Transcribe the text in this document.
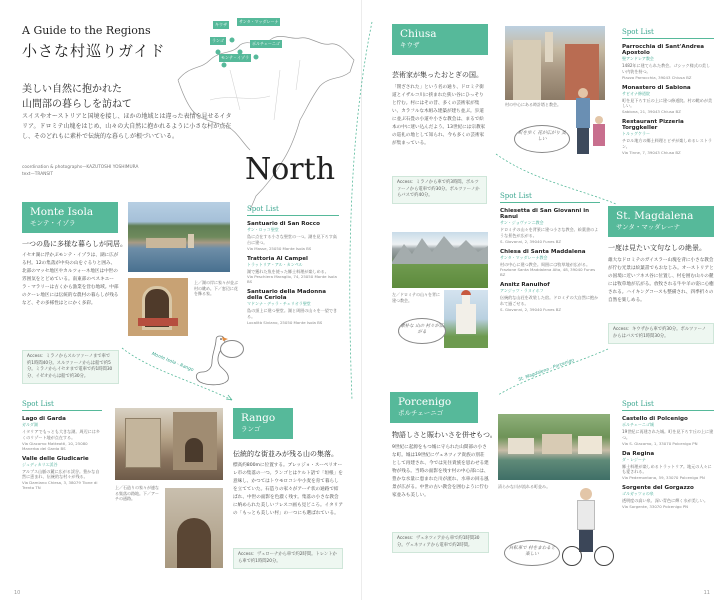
A Guide to the Regions
小さな村巡りガイド
美しい自然に抱かれた
山間部の暮らしを訪ねて
スイスやオーストリアと国境を接し、ほかの地域とは違った表情を見せるイタリア。ドロミテ山塊をはじめ、山々の大自然に抱かれるように小さな村が点在し、そのどれもに素朴で伝統的な暮らしが根づいている。
coordination & photographs—KAZUTOSHI YOSHIMURA
text—TRANSIT
キウザ
サンタ・マッダレーナ
ランゴ
ポルチェーニゴ
モンテ・イゾラ
North
Monte Isola
モンテ・イゾラ
一つの島に多様な暮らしが同居。
イセオ湖に浮かぶモンテ・イゾラは、湖に広がる村。12の集落が中央の山をぐるりと囲み、北部のマッセ地区やカルツォーネ地区は中世の雰囲気をとどめている。南東部のペスキエーラ・マラリーは古くから漁業を営む地域。中部のクーレ地区には伝統的な農村の暮らしが残るなど、その多様性はとにかく多彩。
Access：ミラノからスルツァーノまで車で約1時間40分。スルツァーノからは船で約5分。ミラノからイセオまで電車で約1時間30分、イゼオからは船で約30分。
上／湖の岸に家々が並ぶ村の眺め。下／窓辺に花を飾る家。
Monte Isola - Rango
Spot List
Santuario di San Rocco
サン・ロッコ聖堂
島に点在する小さな聖堂の一つ。湖を見下ろす高台に建つ。
Via Masse, 25050 Monte Isola BS
Trattoria Al Campel
トラットリア・アル・カンペル
湖で獲れた魚を使った郷土料理が楽しめる。
Via Peschiera Maraglio, 74, 25050 Monte Isola BS
Santuario della Madonna della Ceriola
マドンナ・デッラ・チェリオラ聖堂
島の頂上に建つ聖堂。湖と周囲の山々を一望できる。
Località Siviano, 25050 Monte Isola BS
Spot List
Lago di Garda
ガルダ湖
イタリアでもっとも大きな湖。周辺には多くのリゾート地が点在する。
Via Giacomo Matteotti, 10, 25080 Manerba del Garda BS
Valle delle Giudicarie
ジュディカリエ渓谷
アルプス山脈の麓に広がる渓谷。豊かな自然に恵まれ、伝統的な村々が残る。
Via Damiano Chiesa, 3, 38079 Tione di Trento TN	上／石造りの家々が連なる集落の路地。下／アーチの通路。
Rango
ランゴ
伝統的な街並みが残る山の集落。
標高約800mに位置する。ブレッジョ・スーペリオーレ市の集落の一つ。ランゴとはケルト語で「垣根」を意味し、かつてはトウモロコシや小麦を育て暮らしを立てていた。石造りの家々がアーチ状の通路で結ばれ、中世の面影を色濃く残す。集落の小さな教会に納められた美しいフレスコ画も見どころ。イタリアの「もっとも美しい村」の一つにも選ばれている。
Access：ヴェローナから車で約2時間。トレントから車で約1時間20分。
10
Chiusa
キウザ
芸術家が集ったおとぎの国。
「閉ざされた」という名の通り、ドロミテ街道とイザルコ川に挟まれた狭い谷にひっそりと佇む。村にはその昔、多くの芸術家が集い、カラフルな木組み建築が建ち並ぶ。歩道に並ぶ石畳の小道や小さな教会は、まるで絵本の中に迷い込んだよう。13世紀には宗教家の巡礼の地として知られ、今も多くの芸術家が集まっている。
Access：ミラノから車で約3時間。ボルツァーノから電車で約30分。ボルツァーノからバスで約40分。
村の中心にある時計塔と教会。
町を歩く 花が広がり 美しい
Spot List
Parrocchia di Sant'Andrea Apostolo
聖アンドレア教会
1482年に建てられた教会。ゴシック様式の美しい内装を持つ。
Piazza Parrocchia, 39043 Chiusa BZ
Monastero di Sabiona
サビオナ修道院
町を見下ろす丘の上に建つ修道院。村の眺めが美しい。
Sabiona, 21, 39043 Chiusa BZ
Restaurant Pizzeria Torggkeller
トルッグケラー
チロル地方の郷土料理とピザが楽しめるレストラン。
Via Tinne, 7, 39043 Chiusa BZ
Spot List
Chiesetta di San Giovanni in Ranui
サン・ジョヴァンニ教会
ドロミテの山々を背景に建つ小さな教会。絵葉書のような景色が広がる。
S. Giovanni, 2, 39040 Funes BZ
Chiesa di Santa Maddalena
サンタ・マッダレーナ教会
村の中心に建つ教会。周囲には牧草地が広がる。
Frazione Santa Maddalena Alta, 48, 39040 Funes BZ
Ansitz Ranuihof
アンジッツ・ラヌイホフ
伝統的な山荘を改装した宿。ドロミテの大自然に抱かれて過ごせる。
S. Giovanni, 2, 39040 Funes BZ
左／ドロミテの山々を背に建つ教会。
素朴な 山の 村々が広がる
St. Magdalena
サンタ・マッダレーナ
一度は見たい文句なしの絶景。
雄大なドロミテのガイスラー山塊を背に小さな教会が佇む光景は絵葉書でもおなじみ。オーストリアとの国境に近いフネス谷に位置し、村を囲む山々の麓には牧草地が広がる。放牧される牛や羊の姿に心癒される。ハイキングコースも整備され、四季折々の自然を楽しめる。
Access：キウザから車で約30分。ボルツァーノからはバスで約1時間30分。
St. Magdalena - Porcenigo
Porcenigo
ポルチェーニゴ
物語しさと賑わいさを併せもつ。
9世紀に起源をもつ城に守られた山間部の小さな町。城は19世紀にヴェネツィア貴族の別荘として再建され、今では先住貴族を思わせる建物が残る。当時の面影を残す村の中心部には、豊かな水量に恵まれた川が流れ、水車の回る風景が広がる。中世の古い教会を囲むように佇む家並みも美しい。
Access：ヴェネツィアから車で約1時間30分。ヴェネツィアから電車で約2時間。
清らかな川が流れる町並み。
自転車で 村をまわると 楽しい
Spot List
Castello di Polcenigo
ポルチェーニゴ城
19世紀に再建された城。町を見下ろす丘の上に建つ。
Via S. Giacomo, 1, 33070 Polcenigo PN
Da Regina
ダ・レジーナ
郷土料理が楽しめるトラットリア。地元の人々にも愛される。
Via Pedemontana, 59, 33070 Polcenigo PN
Sorgente del Gorgazzo
ゴルガッツォの泉
透明度の高い泉。深い青色に輝く水が美しい。
Via Sorgente, 33070 Polcenigo PN
11
